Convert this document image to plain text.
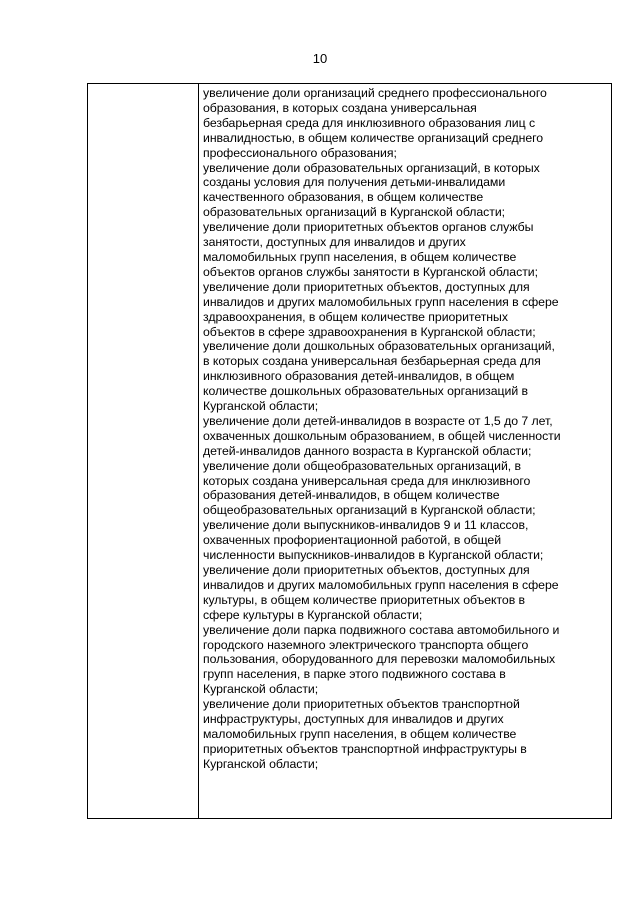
10
увеличение доли организаций среднего профессионального
образования, в которых создана универсальная
безбарьерная среда для инклюзивного образования лиц с
инвалидностью, в общем количестве организаций среднего
профессионального образования;
увеличение доли образовательных организаций, в которых
созданы условия для получения детьми-инвалидами
качественного образования, в общем количестве
образовательных организаций в Курганской области;
увеличение доли приоритетных объектов органов службы
занятости, доступных для инвалидов и других
маломобильных групп населения, в общем количестве
объектов органов службы занятости в Курганской области;
увеличение доли приоритетных объектов, доступных для
инвалидов и других маломобильных групп населения в сфере
здравоохранения, в общем количестве приоритетных
объектов в сфере здравоохранения в Курганской области;
увеличение доли дошкольных образовательных организаций,
в которых создана универсальная безбарьерная среда для
инклюзивного образования детей-инвалидов, в общем
количестве дошкольных образовательных организаций в
Курганской области;
увеличение доли детей-инвалидов в возрасте от 1,5 до 7 лет,
охваченных дошкольным образованием, в общей численности
детей-инвалидов данного возраста в Курганской области;
увеличение доли общеобразовательных организаций, в
которых создана универсальная среда для инклюзивного
образования детей-инвалидов, в общем количестве
общеобразовательных организаций в Курганской области;
увеличение доли выпускников-инвалидов 9 и 11 классов,
охваченных профориентационной работой, в общей
численности выпускников-инвалидов в Курганской области;
увеличение доли приоритетных объектов, доступных для
инвалидов и других маломобильных групп населения в сфере
культуры, в общем количестве приоритетных объектов в
сфере культуры в Курганской области;
увеличение доли парка подвижного состава автомобильного и
городского наземного электрического транспорта общего
пользования, оборудованного для перевозки маломобильных
групп населения, в парке этого подвижного состава в
Курганской области;
увеличение доли приоритетных объектов транспортной
инфраструктуры, доступных для инвалидов и других
маломобильных групп населения, в общем количестве
приоритетных объектов транспортной инфраструктуры в
Курганской области;
